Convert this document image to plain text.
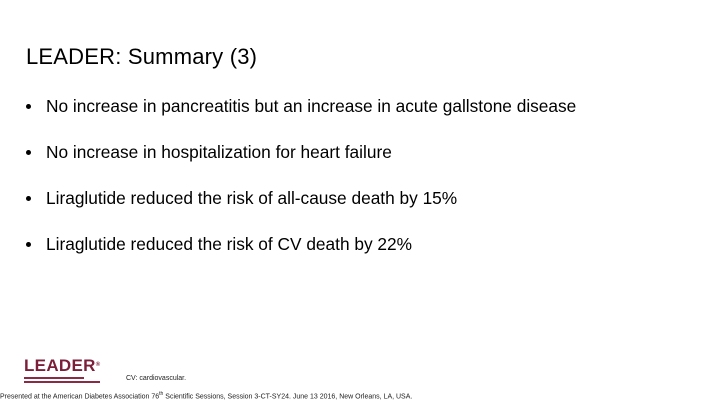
LEADER: Summary (3)
No increase in pancreatitis but an increase in acute gallstone disease
No increase in hospitalization for heart failure
Liraglutide reduced the risk of all-cause death by 15%
Liraglutide reduced the risk of CV death by 22%
LEADER®
CV: cardiovascular.
Presented at the American Diabetes Association 76th Scientific Sessions, Session 3-CT-SY24. June 13 2016, New Orleans, LA, USA.
